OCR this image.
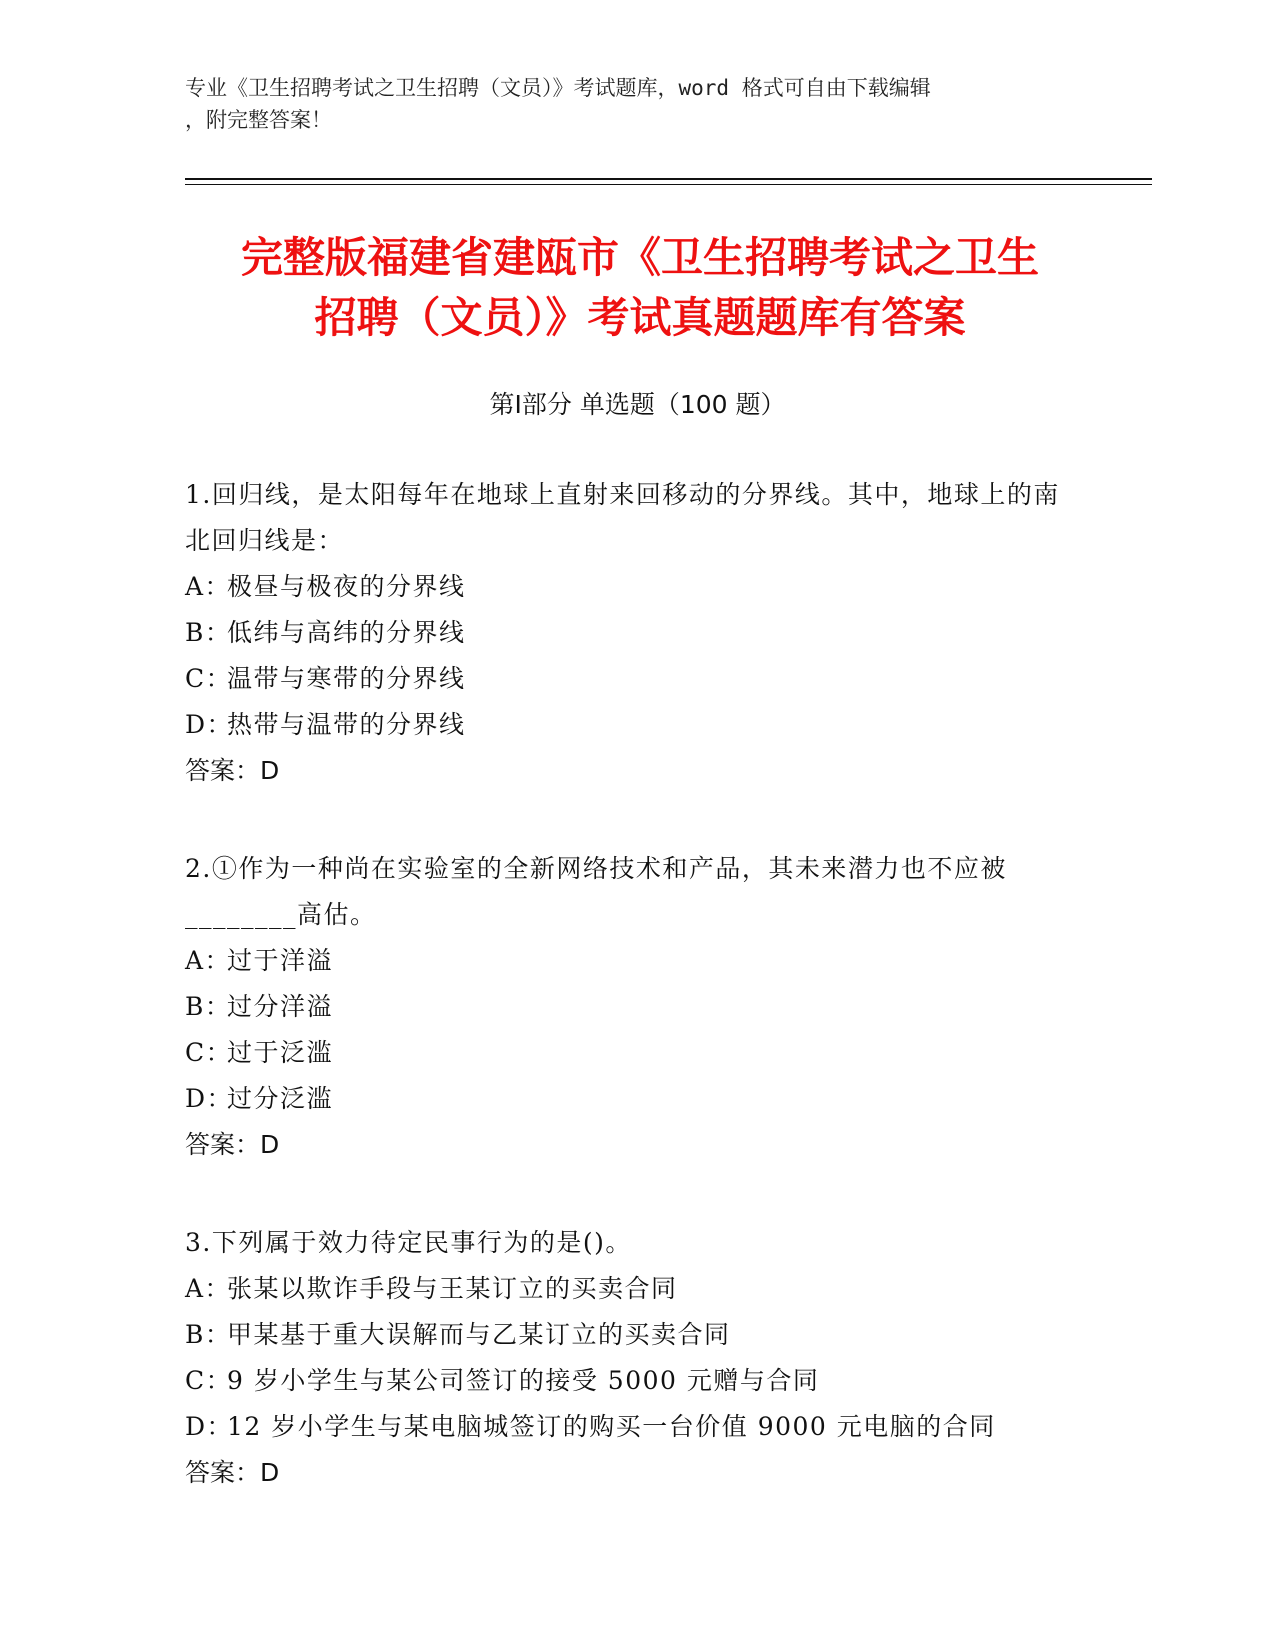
专业《卫生招聘考试之卫生招聘（文员）》考试题库，word 格式可自由下载编辑
，附完整答案！
完整版福建省建瓯市《卫生招聘考试之卫生
招聘（文员）》考试真题题库有答案
第Ⅰ部分 单选题（100 题）
1.回归线，是太阳每年在地球上直射来回移动的分界线。其中，地球上的南北回归线是：
A：极昼与极夜的分界线
B：低纬与高纬的分界线
C：温带与寒带的分界线
D：热带与温带的分界线
答案：D
2.①作为一种尚在实验室的全新网络技术和产品，其未来潜力也不应被________高估。
A：过于洋溢
B：过分洋溢
C：过于泛滥
D：过分泛滥
答案：D
3.下列属于效力待定民事行为的是()。
A：张某以欺诈手段与王某订立的买卖合同
B：甲某基于重大误解而与乙某订立的买卖合同
C：9 岁小学生与某公司签订的接受 5000 元赠与合同
D：12 岁小学生与某电脑城签订的购买一台价值 9000 元电脑的合同
答案：D
